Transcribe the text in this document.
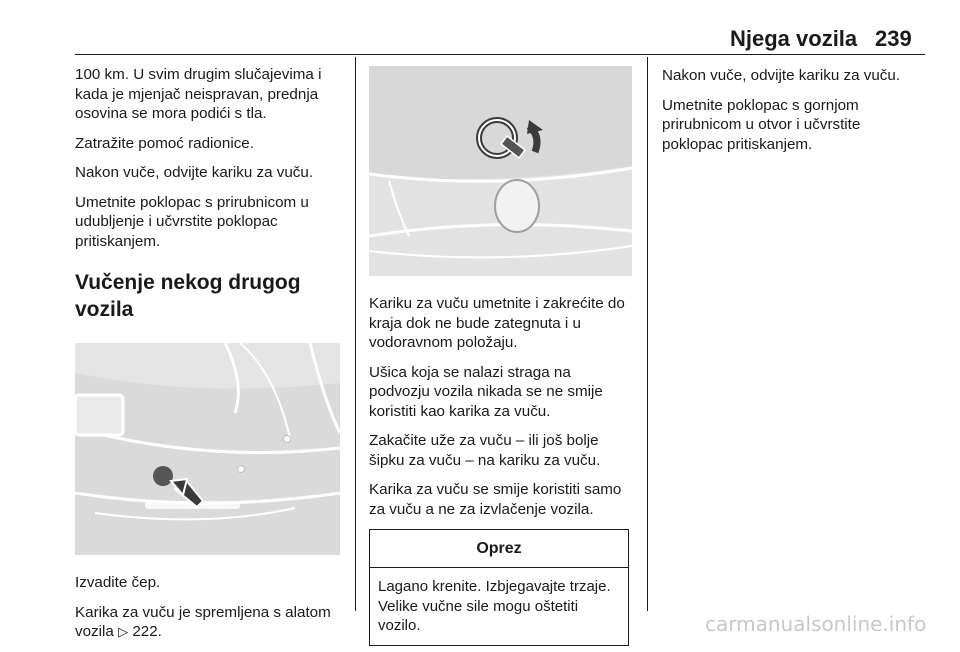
Njega vozila 239

100 km. U svim drugim slučajevima i kada je mjenjač neispravan, prednja osovina se mora podići s tla.

Zatražite pomoć radionice.

Nakon vuče, odvijte kariku za vuču.

Umetnite poklopac s prirubnicom u udubljenje i učvrstite poklopac pritiskanjem.

Vučenje nekog drugog vozila

Izvadite čep.

Karika za vuču je spremljena s alatom vozila ▷ 222.

Kariku za vuču umetnite i zakrećite do kraja dok ne bude zategnuta i u vodoravnom položaju.

Ušica koja se nalazi straga na podvozju vozila nikada se ne smije koristiti kao karika za vuču.

Zakačite uže za vuču – ili još bolje šipku za vuču – na kariku za vuču.

Karika za vuču se smije koristiti samo za vuču a ne za izvlačenje vozila.

Oprez
Lagano krenite. Izbjegavajte trzaje. Velike vučne sile mogu oštetiti vozilo.

Nakon vuče, odvijte kariku za vuču.

Umetnite poklopac s gornjom prirubnicom u otvor i učvrstite poklopac pritiskanjem.

carmanualsonline.info
